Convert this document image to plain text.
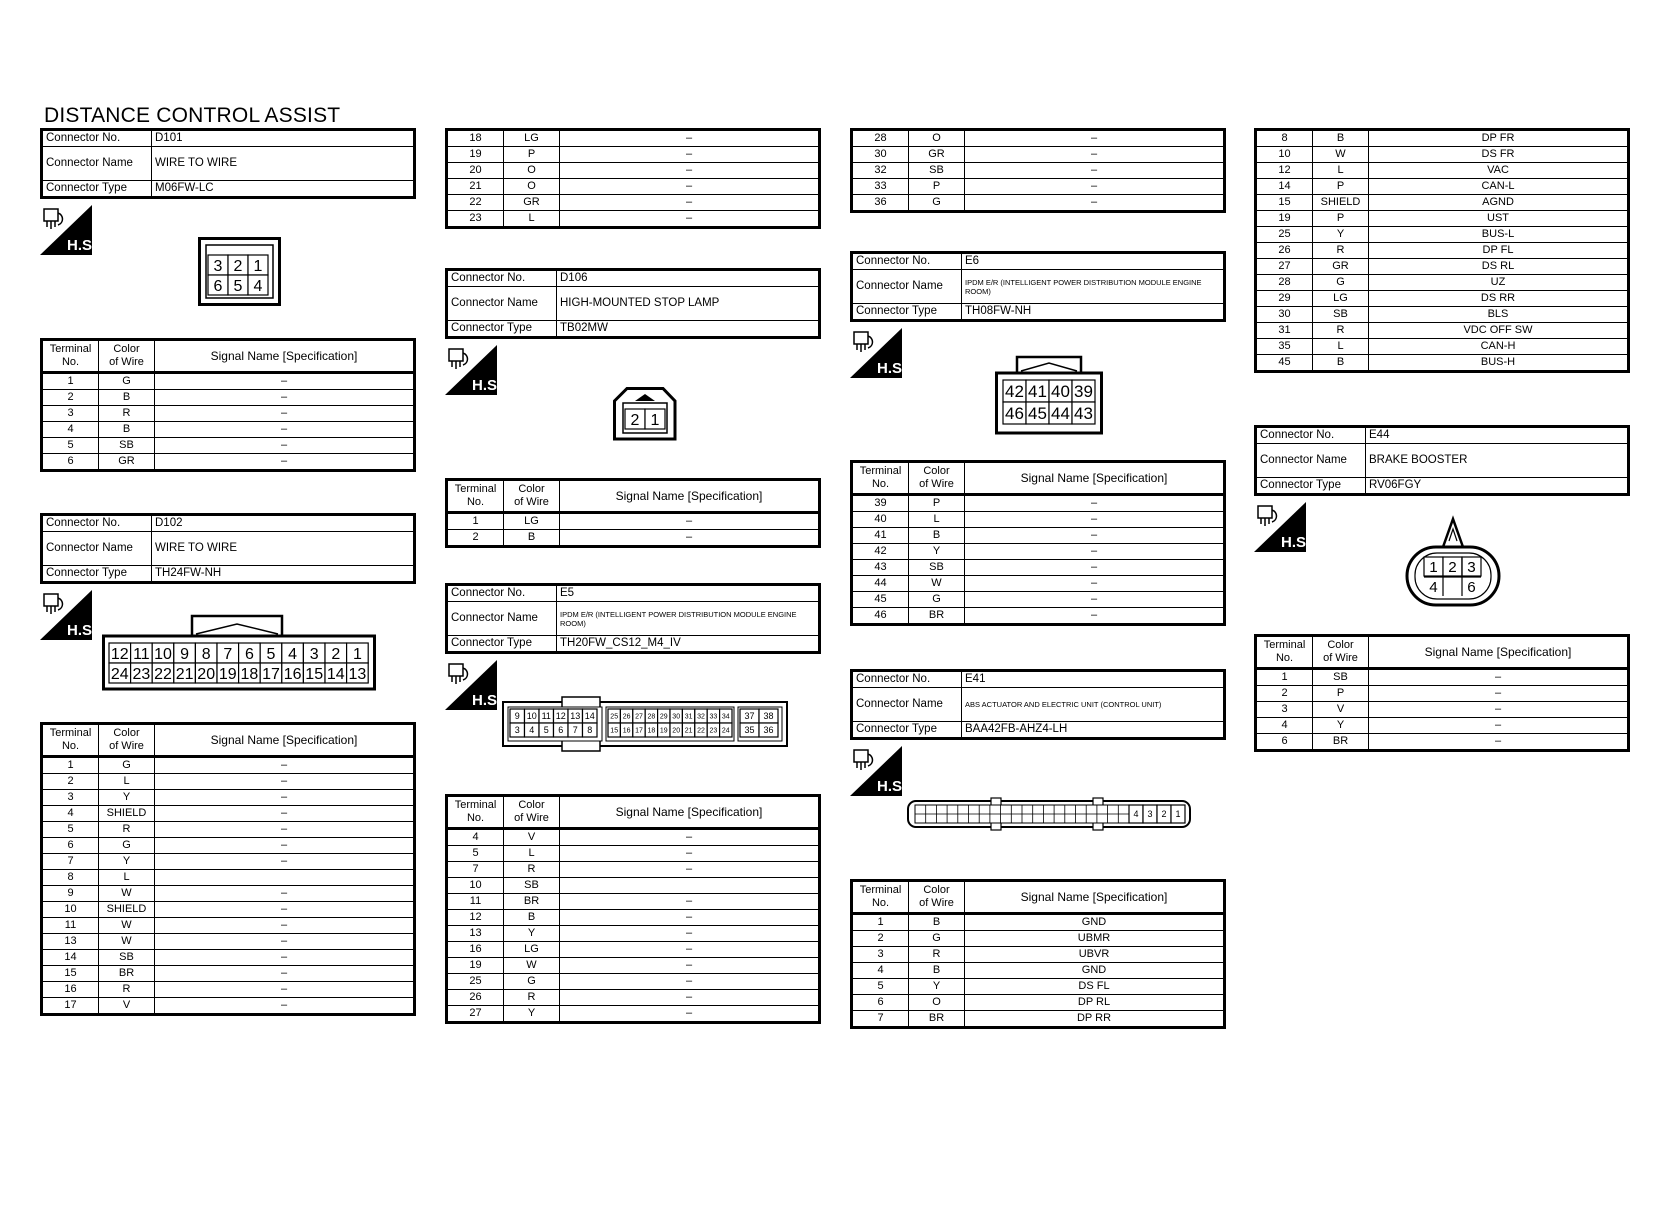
DISTANCE CONTROL ASSIST
Connector No.	D101
Connector Name	WIRE TO WIRE
Connector Type	M06FW-LC
H.S.
3 2 1
6 5 4
Terminal
No.	Color
of Wire	Signal Name [Specification]
1	G	–
2	B	–
3	R	–
4	B	–
5	SB	–
6	GR	–
Connector No.	D102
Connector Name	WIRE TO WIRE
Connector Type	TH24FW-NH
H.S.
12 11 10 9 8 7 6 5 4 3 2 1
24 23 22 21 20 19 18 17 16 15 14 13
Terminal
No.	Color
of Wire	Signal Name [Specification]
1	G	–
2	L	–
3	Y	–
4	SHIELD	–
5	R	–
6	G	–
7	Y	–
8	L	
9	W	–
10	SHIELD	–
11	W	–
13	W	–
14	SB	–
15	BR	–
16	R	–
17	V	–
18	LG	–
19	P	–
20	O	–
21	O	–
22	GR	–
23	L	–
Connector No.	D106
Connector Name	HIGH-MOUNTED STOP LAMP
Connector Type	TB02MW
H.S.
2 1
Terminal
No.	Color
of Wire	Signal Name [Specification]
1	LG	–
2	B	–
Connector No.	E5
Connector Name	IPDM E/R (INTELLIGENT POWER DISTRIBUTION MODULE ENGINE ROOM)
Connector Type	TH20FW_CS12_M4_IV
H.S.
9 10 11 12 13 14
3 4 5 6 7 8
25 26 27 28 29 30 31 32 33 34
15 16 17 18 19 20 21 22 23 24
37 38
35 36
Terminal
No.	Color
of Wire	Signal Name [Specification]
4	V	–
5	L	–
7	R	–
10	SB	
11	BR	–
12	B	–
13	Y	–
16	LG	–
19	W	–
25	G	–
26	R	–
27	Y	–
28	O	–
30	GR	–
32	SB	–
33	P	–
36	G	–
Connector No.	E6
Connector Name	IPDM E/R (INTELLIGENT POWER DISTRIBUTION MODULE ENGINE ROOM)
Connector Type	TH08FW-NH
H.S.
42 41 40 39
46 45 44 43
Terminal
No.	Color
of Wire	Signal Name [Specification]
39	P	–
40	L	–
41	B	–
42	Y	–
43	SB	–
44	W	–
45	G	–
46	BR	–
Connector No.	E41
Connector Name	ABS ACTUATOR AND ELECTRIC UNIT (CONTROL UNIT)
Connector Type	BAA42FB-AHZ4-LH
H.S.
4 3 2 1
Terminal
No.	Color
of Wire	Signal Name [Specification]
1	B	GND
2	G	UBMR
3	R	UBVR
4	B	GND
5	Y	DS FL
6	O	DP RL
7	BR	DP RR
8	B	DP FR
10	W	DS FR
12	L	VAC
14	P	CAN-L
15	SHIELD	AGND
19	P	UST
25	Y	BUS-L
26	R	DP FL
27	GR	DS RL
28	G	UZ
29	LG	DS RR
30	SB	BLS
31	R	VDC OFF SW
35	L	CAN-H
45	B	BUS-H
Connector No.	E44
Connector Name	BRAKE BOOSTER
Connector Type	RV06FGY
H.S.
1 2 3
4 6
Terminal
No.	Color
of Wire	Signal Name [Specification]
1	SB	–
2	P	–
3	V	–
4	Y	–
6	BR	–
